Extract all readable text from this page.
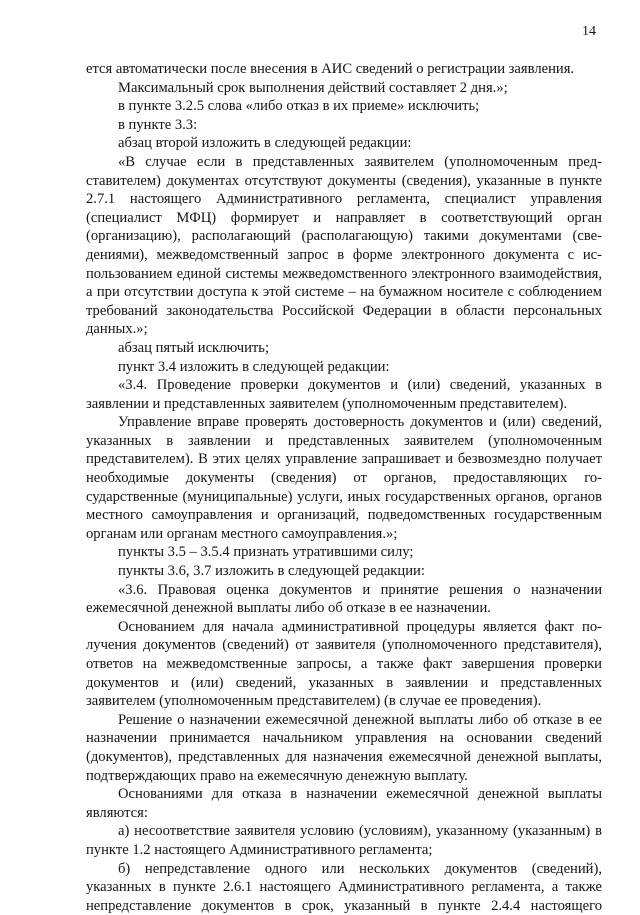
14

ется автоматически после внесения в АИС сведений о регистрации заявления.

Максимальный срок выполнения действий составляет 2 дня.»;

в пункте 3.2.5 слова «либо отказ в их приеме» исключить;

в пункте 3.3:

абзац второй изложить в следующей редакции:

«В случае если в представленных заявителем (уполномоченным представителем) документах отсутствуют документы (сведения), указанные в пункте 2.7.1 настоящего Административного регламента, специалист управления (специалист МФЦ) формирует и направляет в соответствующий орган (организацию), располагающий (располагающую) такими документами (сведениями), межведомственный запрос в форме электронного документа с использованием единой системы межведомственного электронного взаимодействия, а при отсутствии доступа к этой системе – на бумажном носителе с соблюдением требований законодательства Российской Федерации в области персональных данных.»;

абзац пятый исключить;

пункт 3.4 изложить в следующей редакции:

«3.4. Проведение проверки документов и (или) сведений, указанных в заявлении и представленных заявителем (уполномоченным представителем).

Управление вправе проверять достоверность документов и (или) сведений, указанных в заявлении и представленных заявителем (уполномоченным представителем). В этих целях управление запрашивает и безвозмездно получает необходимые документы (сведения) от органов, предоставляющих государственные (муниципальные) услуги, иных государственных органов, органов местного самоуправления и организаций, подведомственных государственным органам или органам местного самоуправления.»;

пункты 3.5 – 3.5.4 признать утратившими силу;

пункты 3.6, 3.7 изложить в следующей редакции:

«3.6. Правовая оценка документов и принятие решения о назначении ежемесячной денежной выплаты либо об отказе в ее назначении.

Основанием для начала административной процедуры является факт получения документов (сведений) от заявителя (уполномоченного представителя), ответов на межведомственные запросы, а также факт завершения проверки документов и (или) сведений, указанных в заявлении и представленных заявителем (уполномоченным представителем) (в случае ее проведения).

Решение о назначении ежемесячной денежной выплаты либо об отказе в ее назначении принимается начальником управления на основании сведений (документов), представленных для назначения ежемесячной денежной выплаты, подтверждающих право на ежемесячную денежную выплату.

Основаниями для отказа в назначении ежемесячной денежной выплаты являются:

а) несоответствие заявителя условию (условиям), указанному (указанным) в пункте 1.2 настоящего Административного регламента;

б) непредставление одного или нескольких документов (сведений), указанных в пункте 2.6.1 настоящего Административного регламента, а также непредставление документов в срок, указанный в пункте 2.4.4 настоящего
